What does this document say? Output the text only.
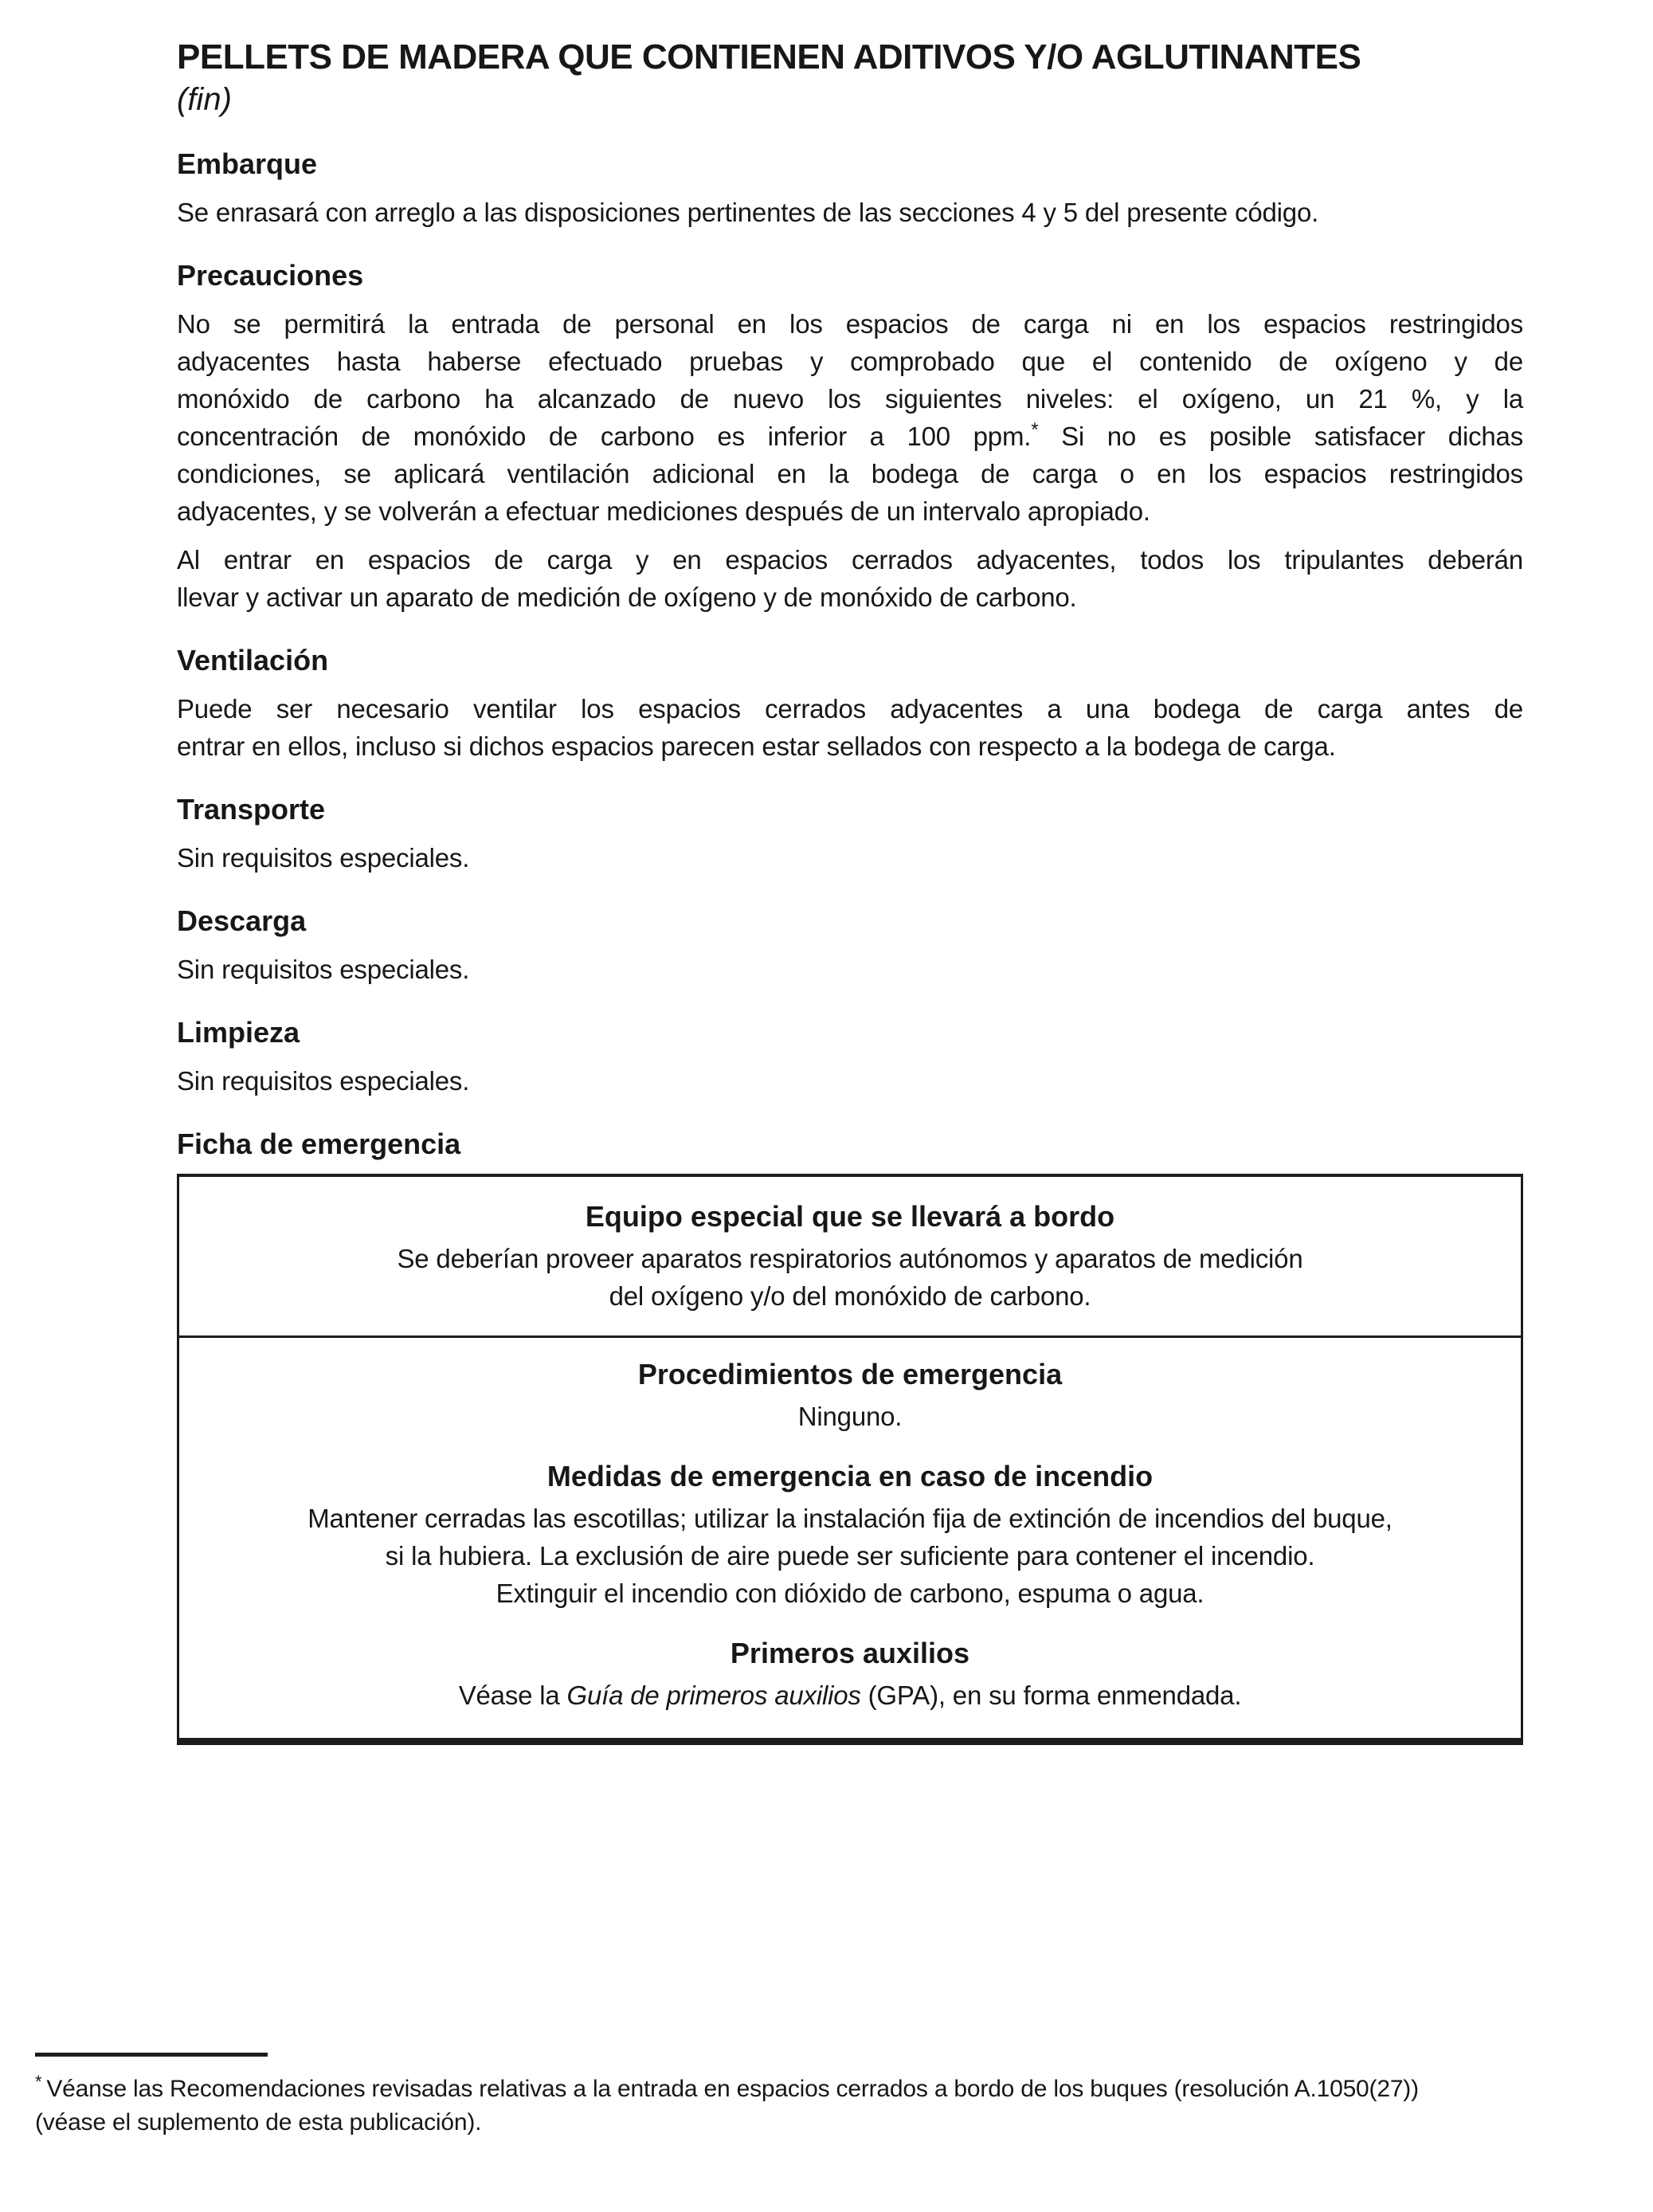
PELLETS DE MADERA QUE CONTIENEN ADITIVOS Y/O AGLUTINANTES
(fin)
Embarque
Se enrasará con arreglo a las disposiciones pertinentes de las secciones 4 y 5 del presente código.
Precauciones
No se permitirá la entrada de personal en los espacios de carga ni en los espacios restringidos
adyacentes hasta haberse efectuado pruebas y comprobado que el contenido de oxígeno y de
monóxido de carbono ha alcanzado de nuevo los siguientes niveles: el oxígeno, un 21 %, y la
concentración de monóxido de carbono es inferior a 100 ppm.* Si no es posible satisfacer dichas
condiciones, se aplicará ventilación adicional en la bodega de carga o en los espacios restringidos
adyacentes, y se volverán a efectuar mediciones después de un intervalo apropiado.
Al entrar en espacios de carga y en espacios cerrados adyacentes, todos los tripulantes deberán
llevar y activar un aparato de medición de oxígeno y de monóxido de carbono.
Ventilación
Puede ser necesario ventilar los espacios cerrados adyacentes a una bodega de carga antes de
entrar en ellos, incluso si dichos espacios parecen estar sellados con respecto a la bodega de carga.
Transporte
Sin requisitos especiales.
Descarga
Sin requisitos especiales.
Limpieza
Sin requisitos especiales.
Ficha de emergencia
Equipo especial que se llevará a bordo
Se deberían proveer aparatos respiratorios autónomos y aparatos de medición
del oxígeno y/o del monóxido de carbono.
Procedimientos de emergencia
Ninguno.
Medidas de emergencia en caso de incendio
Mantener cerradas las escotillas; utilizar la instalación fija de extinción de incendios del buque,
si la hubiera. La exclusión de aire puede ser suficiente para contener el incendio.
Extinguir el incendio con dióxido de carbono, espuma o agua.
Primeros auxilios
Véase la Guía de primeros auxilios (GPA), en su forma enmendada.
* Véanse las Recomendaciones revisadas relativas a la entrada en espacios cerrados a bordo de los buques (resolución A.1050(27))
(véase el suplemento de esta publicación).
